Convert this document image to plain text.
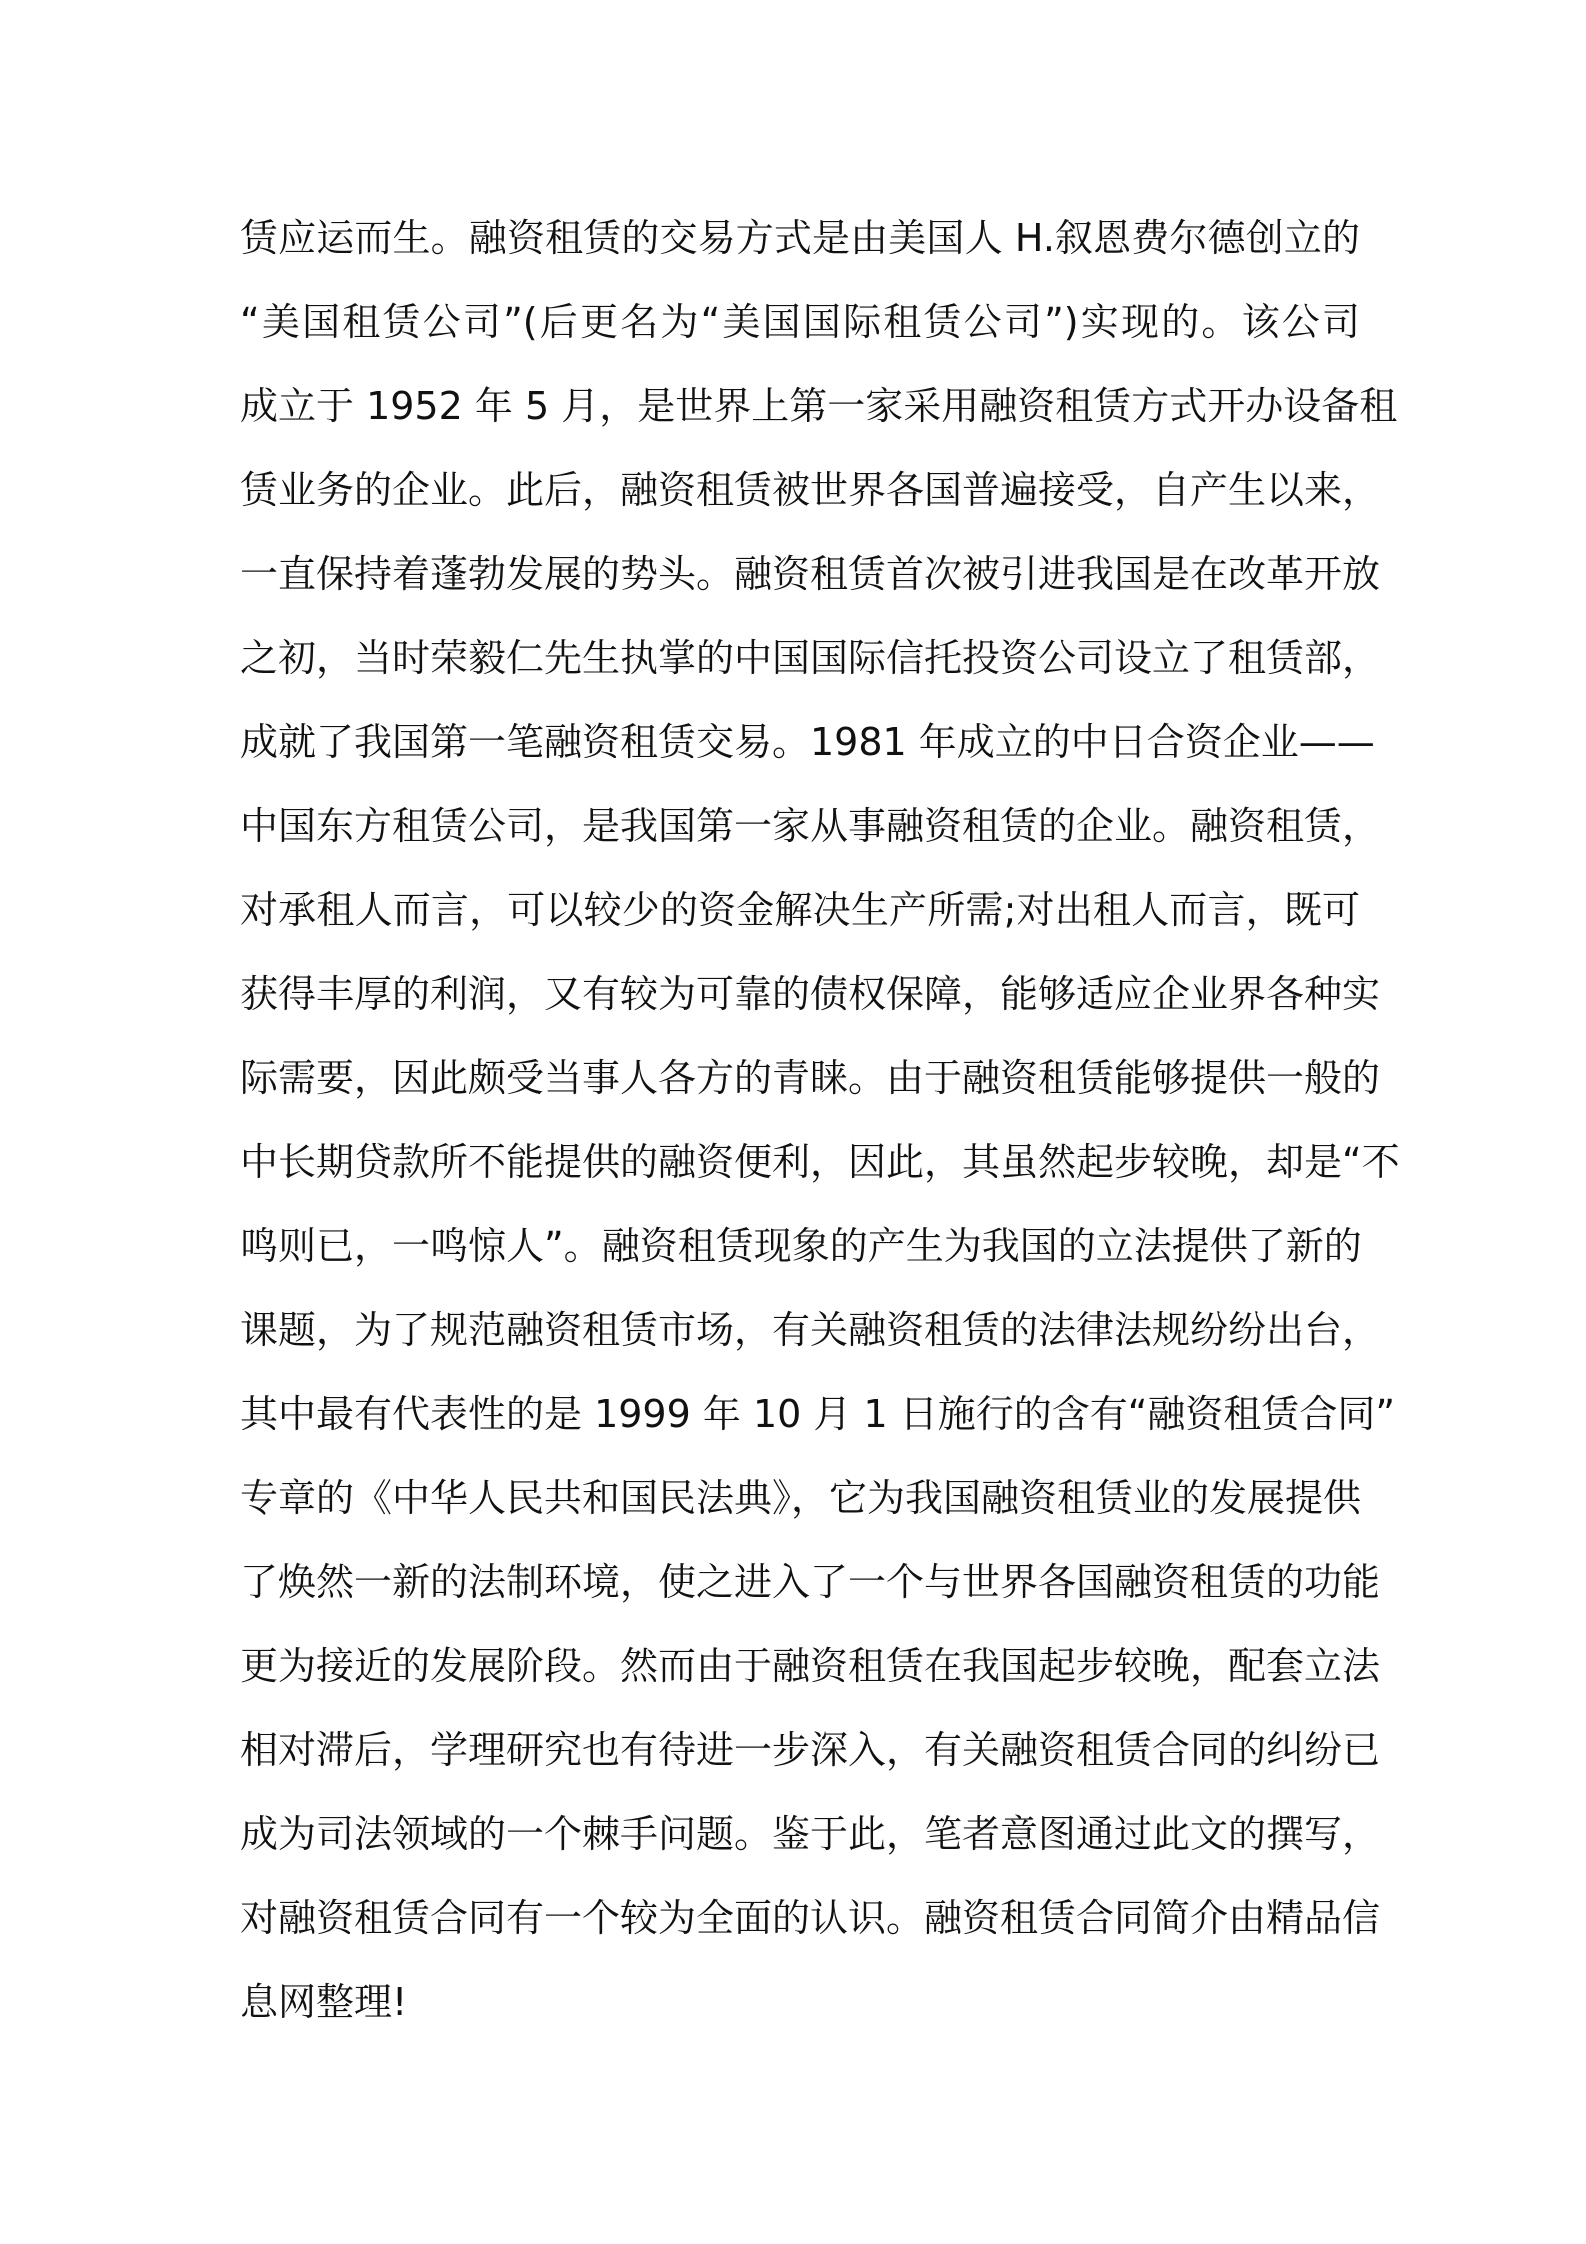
赁应运而生。融资租赁的交易方式是由美国人 H.叙恩费尔德创立的
“美国租赁公司”(后更名为“美国国际租赁公司”)实现的。该公司
成立于 1952 年 5 月，是世界上第一家采用融资租赁方式开办设备租
赁业务的企业。此后，融资租赁被世界各国普遍接受，自产生以来，
一直保持着蓬勃发展的势头。融资租赁首次被引进我国是在改革开放
之初，当时荣毅仁先生执掌的中国国际信托投资公司设立了租赁部，
成就了我国第一笔融资租赁交易。1981 年成立的中日合资企业——
中国东方租赁公司，是我国第一家从事融资租赁的企业。融资租赁，
对承租人而言，可以较少的资金解决生产所需;对出租人而言，既可
获得丰厚的利润，又有较为可靠的债权保障，能够适应企业界各种实
际需要，因此颇受当事人各方的青睐。由于融资租赁能够提供一般的
中长期贷款所不能提供的融资便利，因此，其虽然起步较晚，却是“不
鸣则已，一鸣惊人”。融资租赁现象的产生为我国的立法提供了新的
课题，为了规范融资租赁市场，有关融资租赁的法律法规纷纷出台，
其中最有代表性的是 1999 年 10 月 1 日施行的含有“融资租赁合同”
专章的《中华人民共和国民法典》，它为我国融资租赁业的发展提供
了焕然一新的法制环境，使之进入了一个与世界各国融资租赁的功能
更为接近的发展阶段。然而由于融资租赁在我国起步较晚，配套立法
相对滞后，学理研究也有待进一步深入，有关融资租赁合同的纠纷已
成为司法领域的一个棘手问题。鉴于此，笔者意图通过此文的撰写，
对融资租赁合同有一个较为全面的认识。融资租赁合同简介由精品信
息网整理!
